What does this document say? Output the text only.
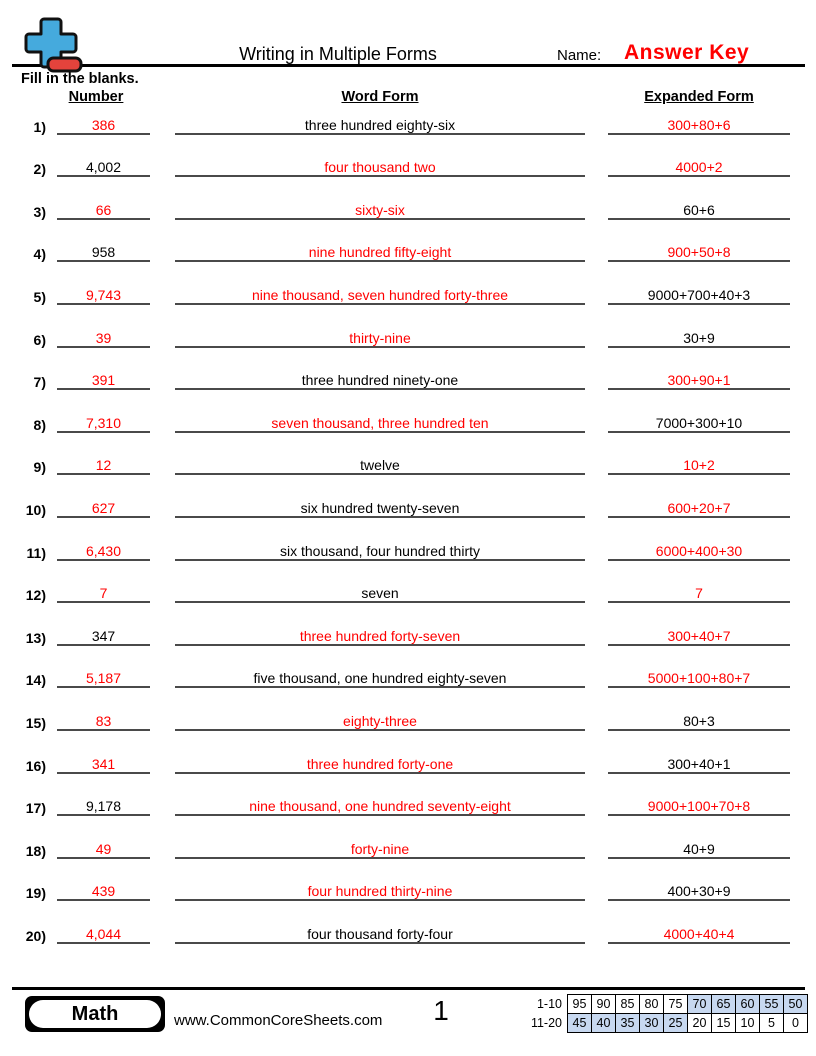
Writing in Multiple Forms	Name: Answer Key
Fill in the blanks.
Number	Word Form	Expanded Form
1)	386	three hundred eighty-six	300+80+6
2)	4,002	four thousand two	4000+2
3)	66	sixty-six	60+6
4)	958	nine hundred fifty-eight	900+50+8
5)	9,743	nine thousand, seven hundred forty-three	9000+700+40+3
6)	39	thirty-nine	30+9
7)	391	three hundred ninety-one	300+90+1
8)	7,310	seven thousand, three hundred ten	7000+300+10
9)	12	twelve	10+2
10)	627	six hundred twenty-seven	600+20+7
11)	6,430	six thousand, four hundred thirty	6000+400+30
12)	7	seven	7
13)	347	three hundred forty-seven	300+40+7
14)	5,187	five thousand, one hundred eighty-seven	5000+100+80+7
15)	83	eighty-three	80+3
16)	341	three hundred forty-one	300+40+1
17)	9,178	nine thousand, one hundred seventy-eight	9000+100+70+8
18)	49	forty-nine	40+9
19)	439	four hundred thirty-nine	400+30+9
20)	4,044	four thousand forty-four	4000+40+4
Math	www.CommonCoreSheets.com 1	1-10	95	90	85	80	75	70	65	60	55	50
11-20	45	40	35	30	25	20	15	10	5	0
